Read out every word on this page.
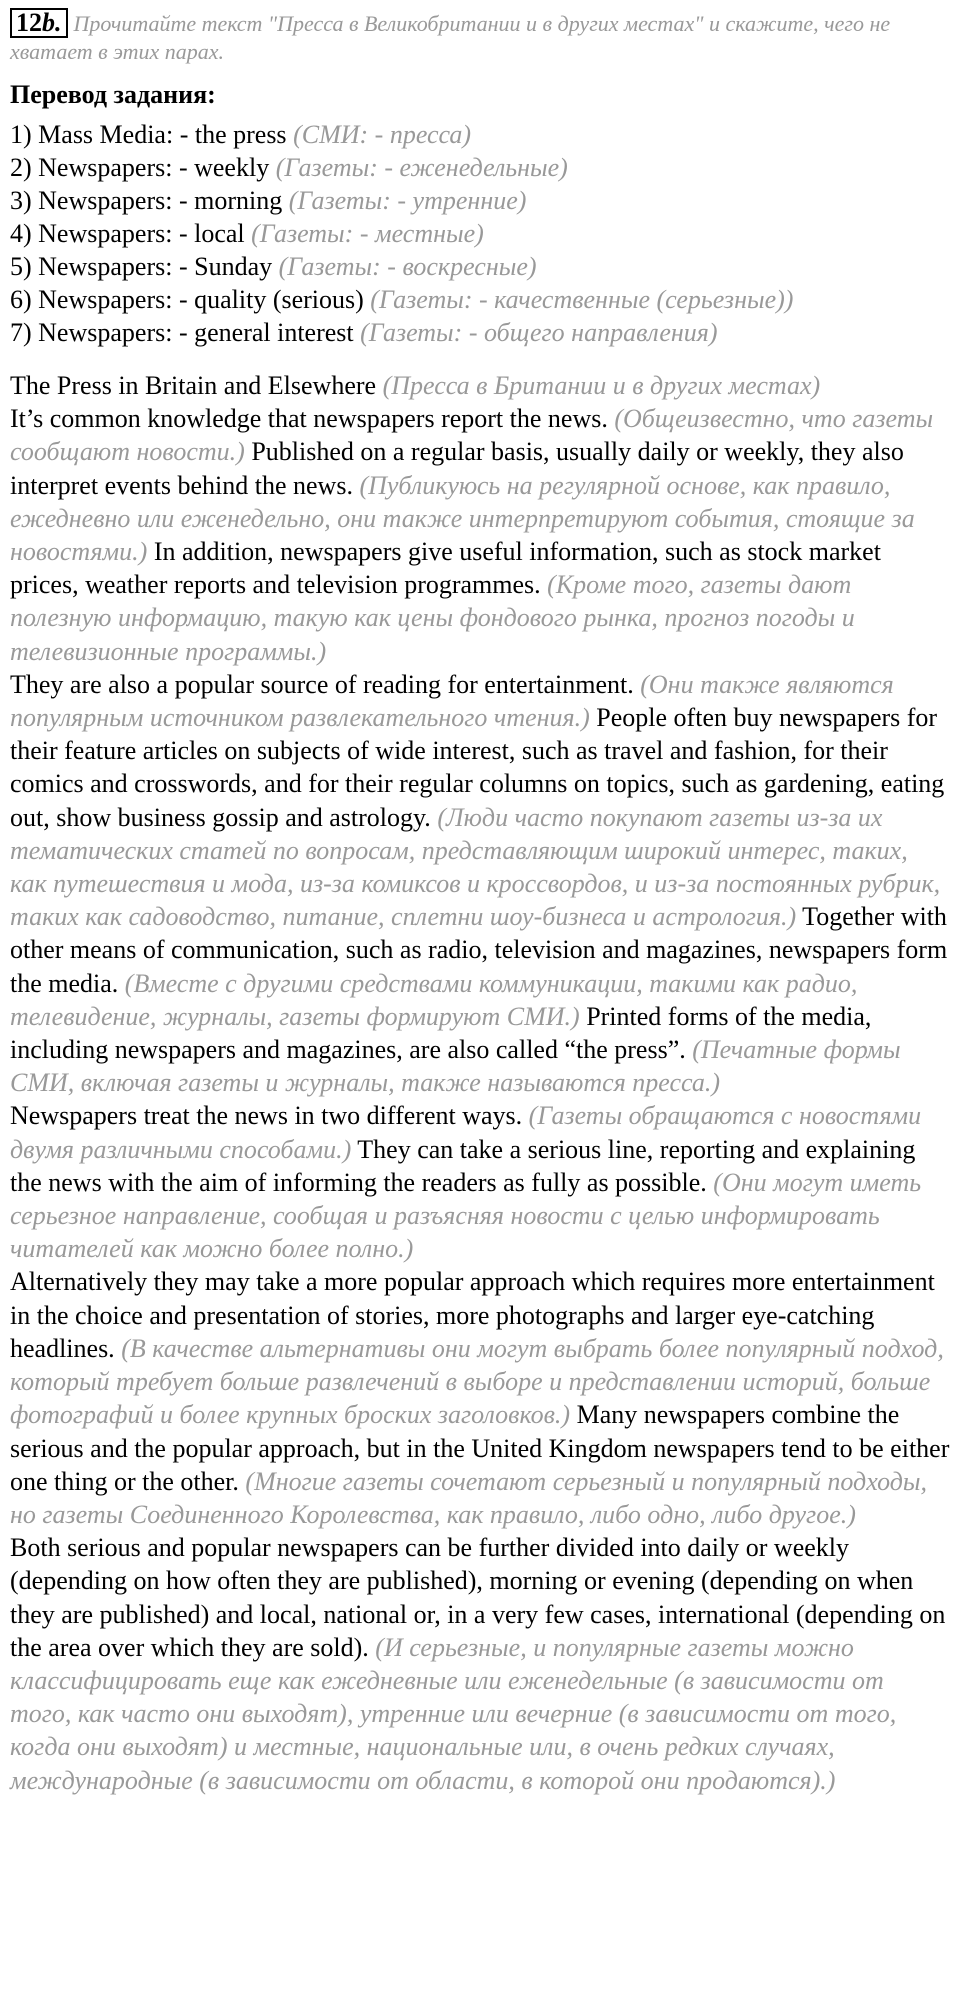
12b. Прочитайте текст "Пресса в Великобритании и в других местах" и скажите, чего не хватает в этих парах.
Перевод задания:
1) Mass Media: - the press (СМИ: - пресса)
2) Newspapers: - weekly (Газеты: - еженедельные)
3) Newspapers: - morning (Газеты: - утренние)
4) Newspapers: - local (Газеты: - местные)
5) Newspapers: - Sunday (Газеты: - воскресные)
6) Newspapers: - quality (serious) (Газеты: - качественные (серьезные))
7) Newspapers: - general interest (Газеты: - общего направления)

The Press in Britain and Elsewhere (Пресса в Британии и в других местах)

It’s common knowledge that newspapers report the news. (Общеизвестно, что газеты сообщают новости.) Published on a regular basis, usually daily or weekly, they also interpret events behind the news. (Публикуюсь на регулярной основе, как правило, ежедневно или еженедельно, они также интерпретируют события, стоящие за новостями.) In addition, newspapers give useful information, such as stock market prices, weather reports and television programmes. (Кроме того, газеты дают полезную информацию, такую как цены фондового рынка, прогноз погоды и телевизионные программы.)

They are also a popular source of reading for entertainment. (Они также являются популярным источником развлекательного чтения.) People often buy newspapers for their feature articles on subjects of wide interest, such as travel and fashion, for their comics and crosswords, and for their regular columns on topics, such as gardening, eating out, show business gossip and astrology. (Люди часто покупают газеты из-за их тематических статей по вопросам, представляющим широкий интерес, таких, как путешествия и мода, из-за комиксов и кроссвордов, и из-за постоянных рубрик, таких как садоводство, питание, сплетни шоу-бизнеса и астрология.) Together with other means of communication, such as radio, television and magazines, newspapers form the media. (Вместе с другими средствами коммуникации, такими как радио, телевидение, журналы, газеты формируют СМИ.) Printed forms of the media, including newspapers and magazines, are also called “the press”. (Печатные формы СМИ, включая газеты и журналы, также называются пресса.)

Newspapers treat the news in two different ways. (Газеты обращаются с новостями двумя различными способами.) They can take a serious line, reporting and explaining the news with the aim of informing the readers as fully as possible. (Они могут иметь серьезное направление, сообщая и разъясняя новости с целью информировать читателей как можно более полно.)

Alternatively they may take a more popular approach which requires more entertainment in the choice and presentation of stories, more photographs and larger eye-catching headlines. (В качестве альтернативы они могут выбрать более популярный подход, который требует больше развлечений в выборе и представлении историй, больше фотографий и более крупных броских заголовков.) Many newspapers combine the serious and the popular approach, but in the United Kingdom newspapers tend to be either one thing or the other. (Многие газеты сочетают серьезный и популярный подходы, но газеты Соединенного Королевства, как правило, либо одно, либо другое.)

Both serious and popular newspapers can be further divided into daily or weekly (depending on how often they are published), morning or evening (depending on when they are published) and local, national or, in a very few cases, international (depending on the area over which they are sold). (И серьезные, и популярные газеты можно классифицировать еще как ежедневные или еженедельные (в зависимости от того, как часто они выходят), утренние или вечерние (в зависимости от того, когда они выходят) и местные, национальные или, в очень редких случаях, международные (в зависимости от области, в которой они продаются).)
